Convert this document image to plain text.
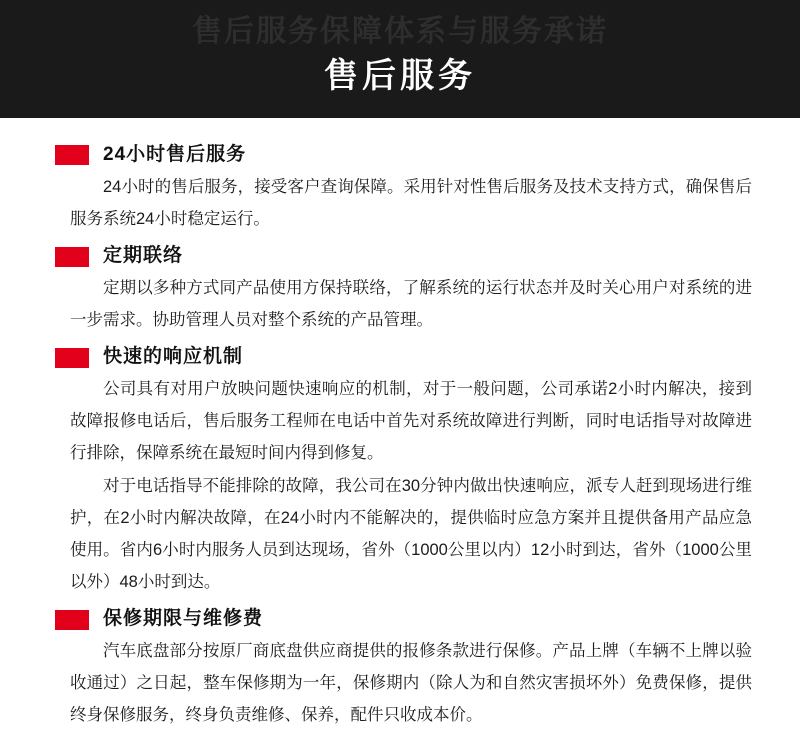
售后服务保障体系与服务承诺
售后服务
24小时售后服务

24小时的售后服务，接受客户查询保障。采用针对性售后服务及技术支持方式，确保售后服务系统24小时稳定运行。

定期联络

定期以多种方式同产品使用方保持联络，了解系统的运行状态并及时关心用户对系统的进一步需求。协助管理人员对整个系统的产品管理。

快速的响应机制

公司具有对用户放映问题快速响应的机制，对于一般问题，公司承诺2小时内解决，接到故障报修电话后，售后服务工程师在电话中首先对系统故障进行判断，同时电话指导对故障进行排除，保障系统在最短时间内得到修复。

对于电话指导不能排除的故障，我公司在30分钟内做出快速响应，派专人赶到现场进行维护，在2小时内解决故障，在24小时内不能解决的，提供临时应急方案并且提供备用产品应急使用。省内6小时内服务人员到达现场，省外（1000公里以内）12小时到达，省外（1000公里以外）48小时到达。

保修期限与维修费

汽车底盘部分按原厂商底盘供应商提供的报修条款进行保修。产品上牌（车辆不上牌以验收通过）之日起，整车保修期为一年，保修期内（除人为和自然灾害损坏外）免费保修，提供终身保修服务，终身负责维修、保养，配件只收成本价。
